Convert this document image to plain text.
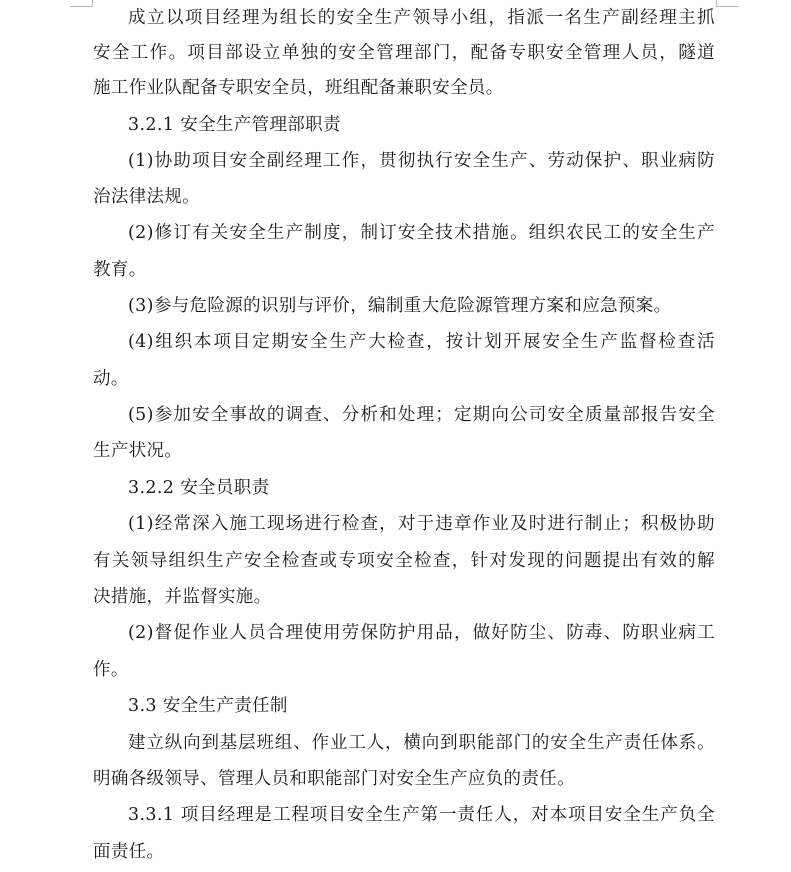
成立以项目经理为组长的安全生产领导小组，指派一名生产副经理主抓
安全工作。项目部设立单独的安全管理部门，配备专职安全管理人员，隧道
施工作业队配备专职安全员，班组配备兼职安全员。
3.2.1 安全生产管理部职责
(1)协助项目安全副经理工作，贯彻执行安全生产、劳动保护、职业病防
治法律法规。
(2)修订有关安全生产制度，制订安全技术措施。组织农民工的安全生产
教育。
(3)参与危险源的识别与评价，编制重大危险源管理方案和应急预案。
(4)组织本项目定期安全生产大检查，按计划开展安全生产监督检查活
动。
(5)参加安全事故的调查、分析和处理；定期向公司安全质量部报告安全
生产状况。
3.2.2 安全员职责
(1)经常深入施工现场进行检查，对于违章作业及时进行制止；积极协助
有关领导组织生产安全检查或专项安全检查，针对发现的问题提出有效的解
决措施，并监督实施。
(2)督促作业人员合理使用劳保防护用品，做好防尘、防毒、防职业病工
作。
3.3 安全生产责任制
建立纵向到基层班组、作业工人，横向到职能部门的安全生产责任体系。
明确各级领导、管理人员和职能部门对安全生产应负的责任。
3.3.1 项目经理是工程项目安全生产第一责任人，对本项目安全生产负全
面责任。
